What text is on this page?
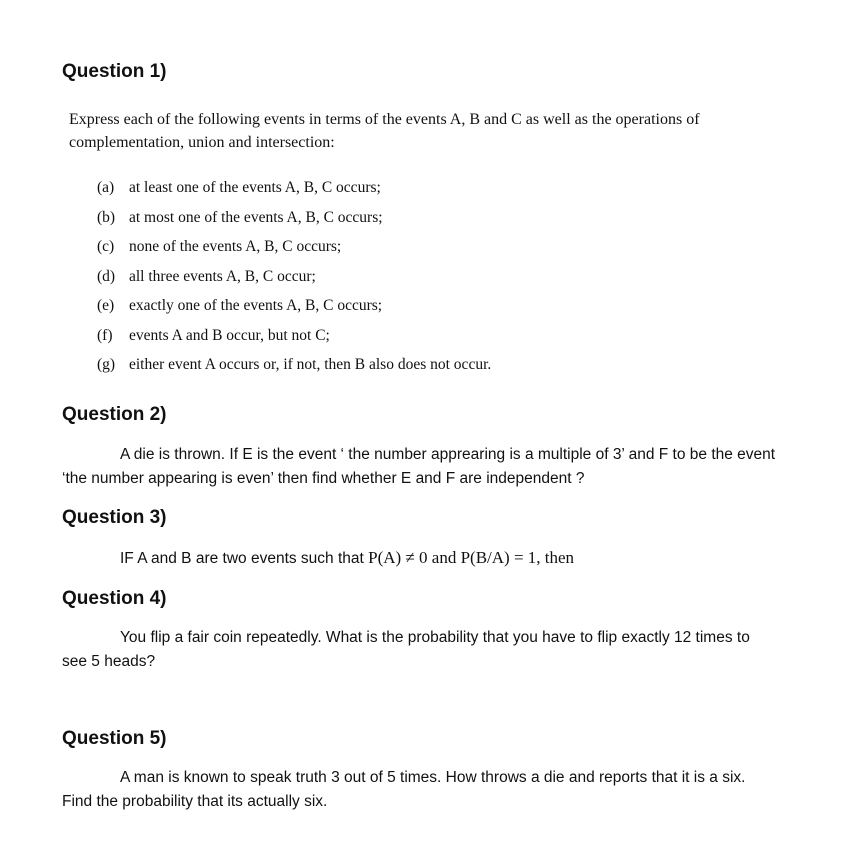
Question 1)

Express each of the following events in terms of the events A, B and C as well as the operations of complementation, union and intersection:

(a) at least one of the events A, B, C occurs;
(b) at most one of the events A, B, C occurs;
(c) none of the events A, B, C occurs;
(d) all three events A, B, C occur;
(e) exactly one of the events A, B, C occurs;
(f) events A and B occur, but not C;
(g) either event A occurs or, if not, then B also does not occur.
Question 2)

A die is thrown. If E is the event ‘ the number apprearing is a multiple of 3’ and F to be the event

‘the number appearing is even’ then find whether E and F are independent ?

Question 3)

IF A and B are two events such that P(A) ≠ 0 and P(B/A) = 1, then

Question 4)

You flip a fair coin repeatedly. What is the probability that you have to flip exactly 12 times to

see 5 heads?

Question 5)

A man is known to speak truth 3 out of 5 times. How throws a die and reports that it is a six.

Find the probability that its actually six.
